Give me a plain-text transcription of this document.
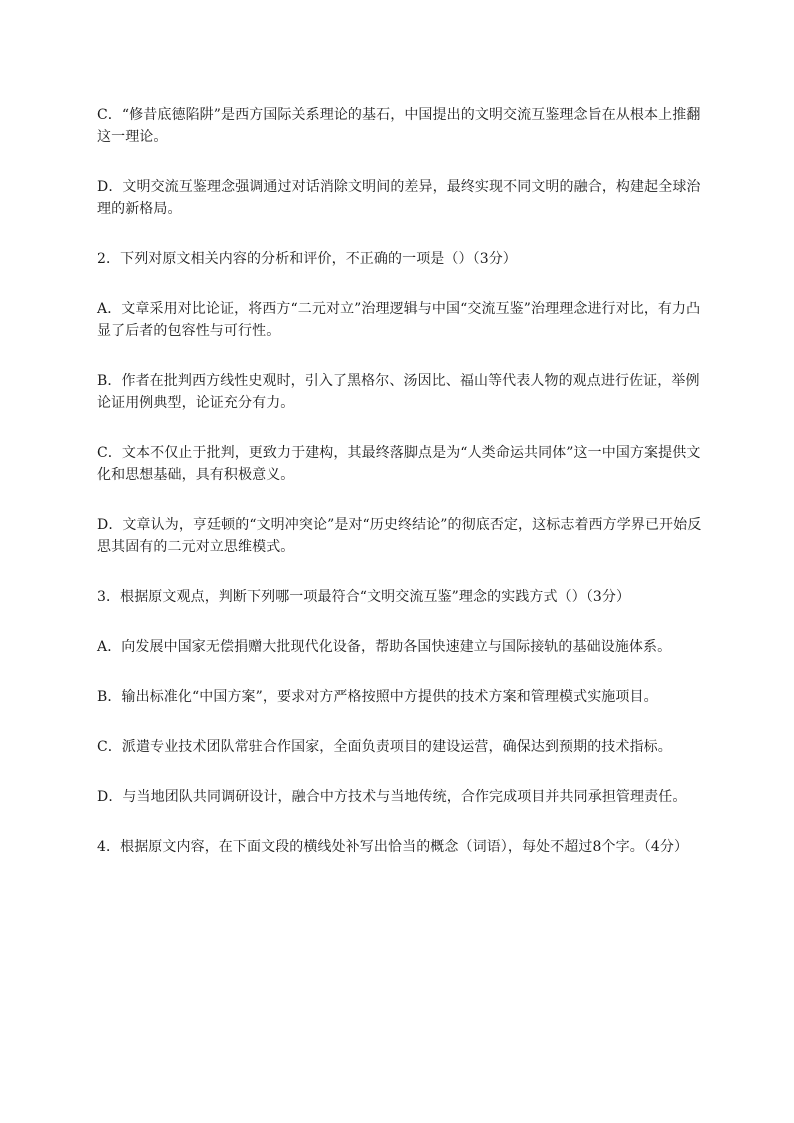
C．“修昔底德陷阱”是西方国际关系理论的基石，中国提出的文明交流互鉴理念旨在从根本上推翻
这一理论。
D．文明交流互鉴理念强调通过对话消除文明间的差异，最终实现不同文明的融合，构建起全球治
理的新格局。
2．下列对原文相关内容的分析和评价，不正确的一项是（）（3分）
A．文章采用对比论证，将西方“二元对立”治理逻辑与中国“交流互鉴”治理理念进行对比，有力凸
显了后者的包容性与可行性。
B．作者在批判西方线性史观时，引入了黑格尔、汤因比、福山等代表人物的观点进行佐证，举例
论证用例典型，论证充分有力。
C．文本不仅止于批判，更致力于建构，其最终落脚点是为“人类命运共同体”这一中国方案提供文
化和思想基础，具有积极意义。
D．文章认为，亨廷顿的“文明冲突论”是对“历史终结论”的彻底否定，这标志着西方学界已开始反
思其固有的二元对立思维模式。
3．根据原文观点，判断下列哪一项最符合“文明交流互鉴”理念的实践方式（）（3分）
A．向发展中国家无偿捐赠大批现代化设备，帮助各国快速建立与国际接轨的基础设施体系。
B．输出标准化“中国方案”，要求对方严格按照中方提供的技术方案和管理模式实施项目。
C．派遣专业技术团队常驻合作国家，全面负责项目的建设运营，确保达到预期的技术指标。
D．与当地团队共同调研设计，融合中方技术与当地传统，合作完成项目并共同承担管理责任。
4．根据原文内容，在下面文段的横线处补写出恰当的概念（词语），每处不超过8个字。（4分）
